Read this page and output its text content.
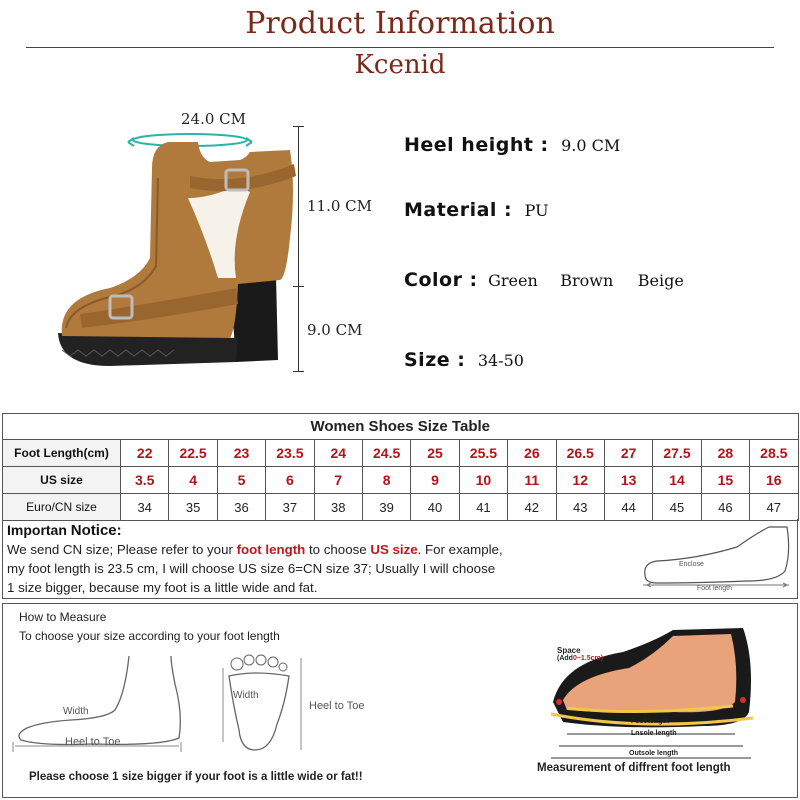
Product Information
Kcenid
24.0 CM
11.0 CM
9.0 CM
Heel height : 9.0 CM
Material : PU
Color : Green Brown Beige
Size : 34-50
Women Shoes Size Table														
Foot Length(cm)	22	22.5	23	23.5	24	24.5	25	25.5	26	26.5	27	27.5	28	28.5
US size	3.5	4	5	6	7	8	9	10	11	12	13	14	15	16
Euro/CN size	34	35	36	37	38	39	40	41	42	43	44	45	46	47
Importan Notice:
We send CN size; Please refer to your foot length to choose US size. For example,
my foot length is 23.5 cm, I will choose US size 6=CN size 37; Usually I will choose
1 size bigger, because my foot is a little wide and fat.
Enclose
Foot length
How to Measure
To choose your size according to your foot length
Width
Heel to Toe
Width
Heel to Toe
Space
(Add0~1.5cm)
Foot length
Lnsole length
Outsole length
Measurement of diffrent foot length
Please choose 1 size bigger if your foot is a little wide or fat!!
